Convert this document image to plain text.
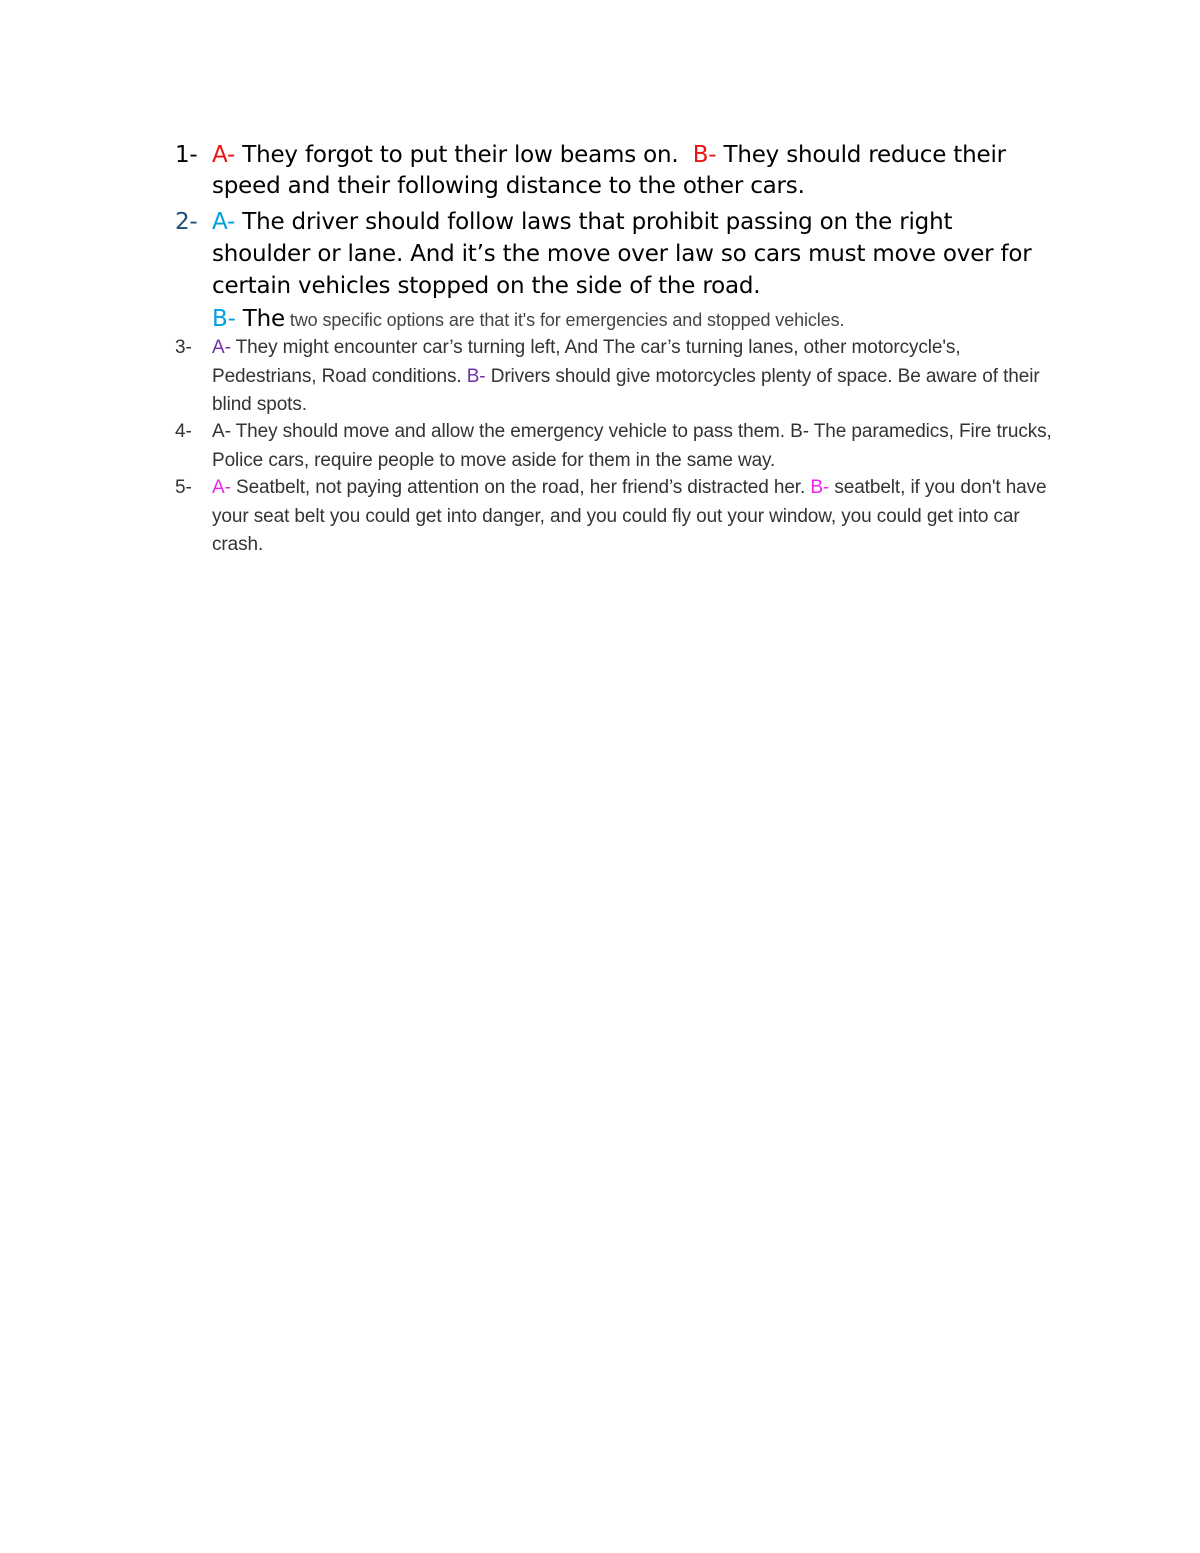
1- A- They forgot to put their low beams on.  B- They should reduce their speed and their following distance to the other cars.
2- A- The driver should follow laws that prohibit passing on the right shoulder or lane. And it’s the move over law so cars must move over for certain vehicles stopped on the side of the road.
B- The two specific options are that it's for emergencies and stopped vehicles.
3- A- They might encounter car’s turning left, And The car’s turning lanes, other motorcycle's, Pedestrians, Road conditions. B- Drivers should give motorcycles plenty of space. Be aware of their blind spots.
4- A- They should move and allow the emergency vehicle to pass them. B- The paramedics, Fire trucks, Police cars, require people to move aside for them in the same way.
5- A- Seatbelt, not paying attention on the road, her friend’s distracted her. B- seatbelt, if you don't have your seat belt you could get into danger, and you could fly out your window, you could get into car crash.
